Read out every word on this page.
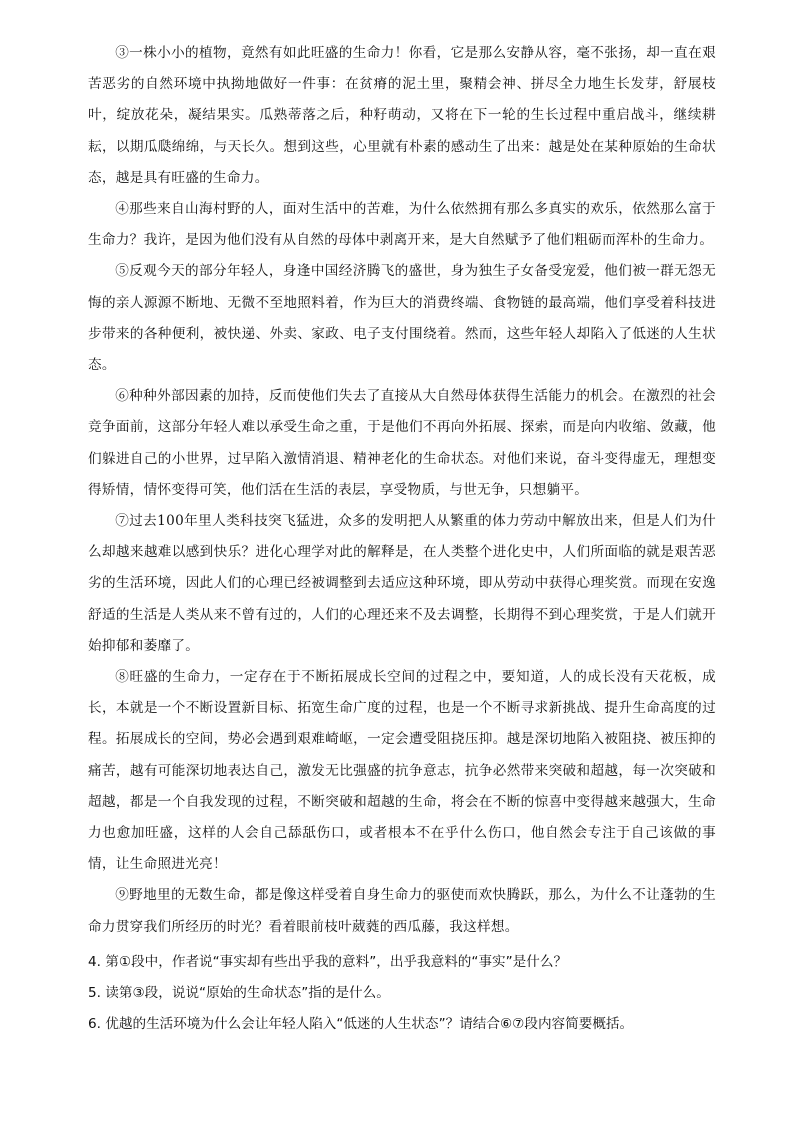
③一株小小的植物，竟然有如此旺盛的生命力！你看，它是那么安静从容，毫不张扬，却一直在艰苦恶劣的自然环境中执拗地做好一件事：在贫瘠的泥土里，聚精会神、拼尽全力地生长发芽，舒展枝叶，绽放花朵，凝结果实。瓜熟蒂落之后，种籽萌动，又将在下一轮的生长过程中重启战斗，继续耕耘，以期瓜瓞绵绵，与天长久。想到这些，心里就有朴素的感动生了出来：越是处在某种原始的生命状态，越是具有旺盛的生命力。

④那些来自山海村野的人，面对生活中的苦难，为什么依然拥有那么多真实的欢乐，依然那么富于生命力？我许，是因为他们没有从自然的母体中剥离开来，是大自然赋予了他们粗砺而浑朴的生命力。

⑤反观今天的部分年轻人，身逢中国经济腾飞的盛世，身为独生子女备受宠爱，他们被一群无怨无悔的亲人源源不断地、无微不至地照料着，作为巨大的消费终端、食物链的最高端，他们享受着科技进步带来的各种便利，被快递、外卖、家政、电子支付围绕着。然而，这些年轻人却陷入了低迷的人生状态。

⑥种种外部因素的加持，反而使他们失去了直接从大自然母体获得生活能力的机会。在激烈的社会竞争面前，这部分年轻人难以承受生命之重，于是他们不再向外拓展、探索，而是向内收缩、敛藏，他们躲进自己的小世界，过早陷入激情消退、精神老化的生命状态。对他们来说，奋斗变得虚无，理想变得矫情，情怀变得可笑，他们活在生活的表层，享受物质，与世无争，只想躺平。

⑦过去100年里人类科技突飞猛进，众多的发明把人从繁重的体力劳动中解放出来，但是人们为什么却越来越难以感到快乐？进化心理学对此的解释是，在人类整个进化史中，人们所面临的就是艰苦恶劣的生活环境，因此人们的心理已经被调整到去适应这种环境，即从劳动中获得心理奖赏。而现在安逸舒适的生活是人类从来不曾有过的，人们的心理还来不及去调整，长期得不到心理奖赏，于是人们就开始抑郁和萎靡了。

⑧旺盛的生命力，一定存在于不断拓展成长空间的过程之中，要知道，人的成长没有天花板，成长，本就是一个不断设置新目标、拓宽生命广度的过程，也是一个不断寻求新挑战、提升生命高度的过程。拓展成长的空间，势必会遇到艰难崎岖，一定会遭受阻挠压抑。越是深切地陷入被阻挠、被压抑的痛苦，越有可能深切地表达自己，激发无比强盛的抗争意志，抗争必然带来突破和超越，每一次突破和超越，都是一个自我发现的过程，不断突破和超越的生命，将会在不断的惊喜中变得越来越强大，生命力也愈加旺盛，这样的人会自己舔舐伤口，或者根本不在乎什么伤口，他自然会专注于自己该做的事情，让生命照进光亮！

⑨野地里的无数生命，都是像这样受着自身生命力的驱使而欢快腾跃，那么，为什么不让蓬勃的生命力贯穿我们所经历的时光？看着眼前枝叶葳蕤的西瓜藤，我这样想。

4. 第①段中，作者说“事实却有些出乎我的意料”，出乎我意料的“事实”是什么？

5. 读第③段，说说“原始的生命状态”指的是什么。

6. 优越的生活环境为什么会让年轻人陷入“低迷的人生状态”？请结合⑥⑦段内容简要概括。
